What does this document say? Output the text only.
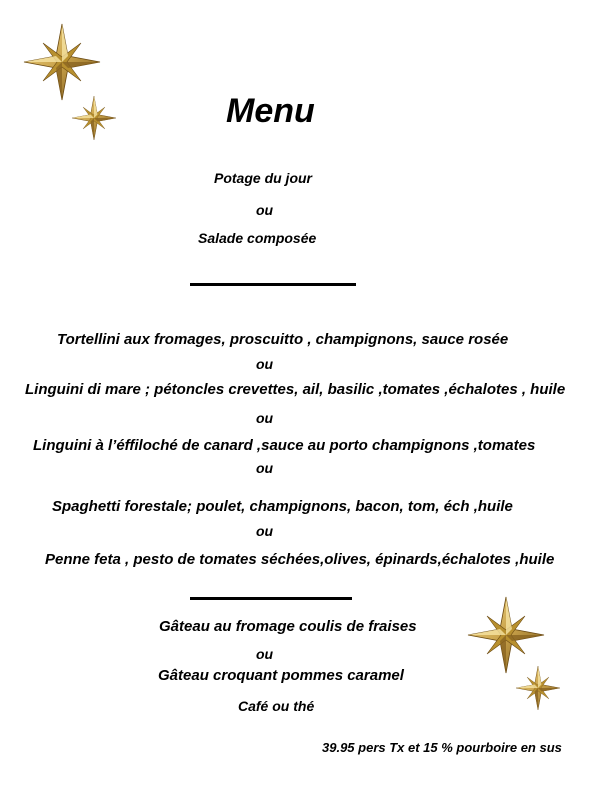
Menu
Potage du jour
ou
Salade composée
Tortellini aux fromages, proscuitto , champignons, sauce rosée
ou
Linguini di mare ; pétoncles crevettes, ail, basilic ,tomates ,échalotes , huile
ou
Linguini à l’éffiloché de canard ,sauce au porto champignons ,tomates
ou
Spaghetti forestale; poulet, champignons, bacon, tom, éch ,huile
ou
Penne feta , pesto de tomates séchées,olives, épinards,échalotes ,huile
Gâteau au fromage coulis de fraises
ou
Gâteau croquant pommes caramel
Café ou thé
39.95 pers Tx et 15 % pourboire en sus
